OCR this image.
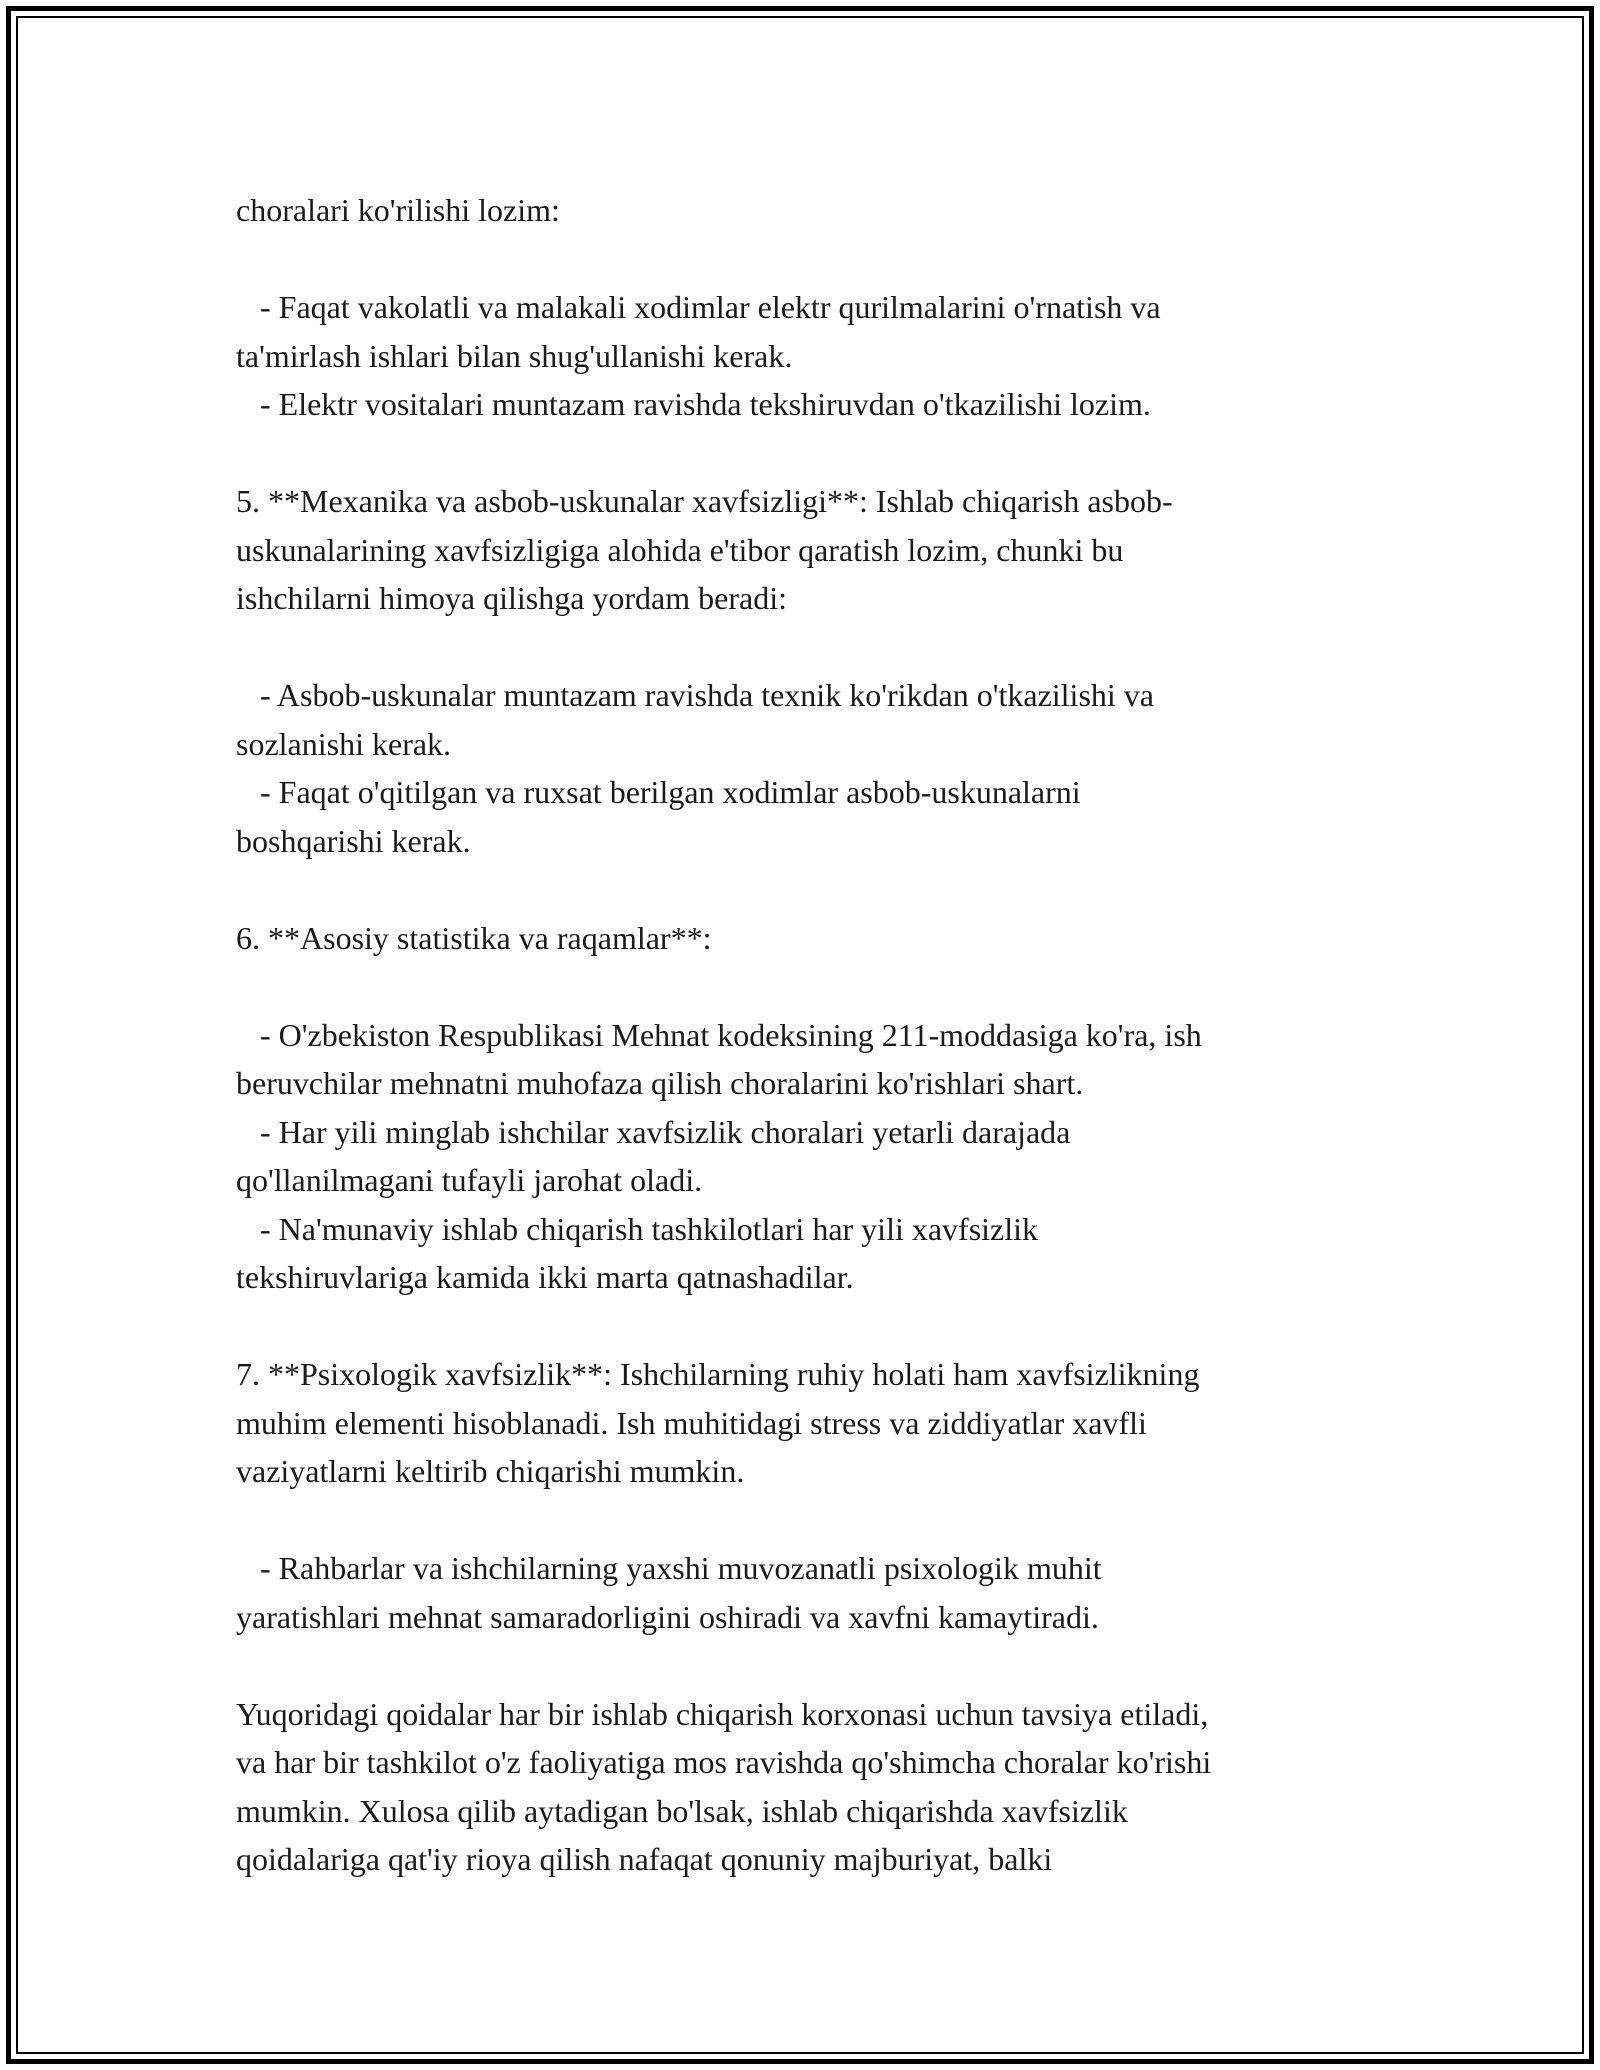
choralari ko'rilishi lozim:
- Faqat vakolatli va malakali xodimlar elektr qurilmalarini o'rnatish va
ta'mirlash ishlari bilan shug'ullanishi kerak.
- Elektr vositalari muntazam ravishda tekshiruvdan o'tkazilishi lozim.
5. **Mexanika va asbob-uskunalar xavfsizligi**: Ishlab chiqarish asbob-
uskunalarining xavfsizligiga alohida e'tibor qaratish lozim, chunki bu
ishchilarni himoya qilishga yordam beradi:
- Asbob-uskunalar muntazam ravishda texnik ko'rikdan o'tkazilishi va
sozlanishi kerak.
- Faqat o'qitilgan va ruxsat berilgan xodimlar asbob-uskunalarni
boshqarishi kerak.
6. **Asosiy statistika va raqamlar**:
- O'zbekiston Respublikasi Mehnat kodeksining 211-moddasiga ko'ra, ish
beruvchilar mehnatni muhofaza qilish choralarini ko'rishlari shart.
- Har yili minglab ishchilar xavfsizlik choralari yetarli darajada
qo'llanilmagani tufayli jarohat oladi.
- Na'munaviy ishlab chiqarish tashkilotlari har yili xavfsizlik
tekshiruvlariga kamida ikki marta qatnashadilar.
7. **Psixologik xavfsizlik**: Ishchilarning ruhiy holati ham xavfsizlikning
muhim elementi hisoblanadi. Ish muhitidagi stress va ziddiyatlar xavfli
vaziyatlarni keltirib chiqarishi mumkin.
- Rahbarlar va ishchilarning yaxshi muvozanatli psixologik muhit
yaratishlari mehnat samaradorligini oshiradi va xavfni kamaytiradi.
Yuqoridagi qoidalar har bir ishlab chiqarish korxonasi uchun tavsiya etiladi,
va har bir tashkilot o'z faoliyatiga mos ravishda qo'shimcha choralar ko'rishi
mumkin. Xulosa qilib aytadigan bo'lsak, ishlab chiqarishda xavfsizlik
qoidalariga qat'iy rioya qilish nafaqat qonuniy majburiyat, balki
